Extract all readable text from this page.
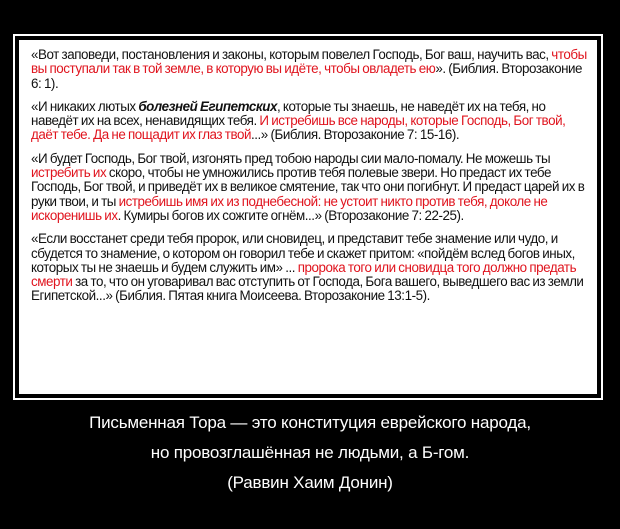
«Вот заповеди, постановления и законы, которым повелел Господь, Бог ваш, научить вас, чтобы вы поступали так в той земле, в которую вы идёте, чтобы овладеть ею». (Библия. Второзаконие 6: 1).

«И никаких лютых болезней Египетских, которые ты знаешь, не наведёт их на тебя, но наведёт их на всех, ненавидящих тебя. И истребишь все народы, которые Господь, Бог твой, даёт тебе. Да не пощадит их глаз твой...» (Библия. Второзаконие 7: 15-16).

«И будет Господь, Бог твой, изгонять пред тобою народы сии мало-помалу. Не можешь ты истребить их скоро, чтобы не умножились против тебя полевые звери. Но предаст их тебе Господь, Бог твой, и приведёт их в великое смятение, так что они погибнут. И предаст царей их в руки твои, и ты истребишь имя их из поднебесной: не устоит никто против тебя, доколе не искоренишь их. Кумиры богов их сожгите огнём...» (Второзаконие 7: 22-25).

«Если восстанет среди тебя пророк, или сновидец, и представит тебе знамение или чудо, и сбудется то знамение, о котором он говорил тебе и скажет притом: «пойдём вслед богов иных, которых ты не знаешь и будем служить им» ... пророка того или сновидца того должно предать смерти за то, что он уговаривал вас отступить от Господа, Бога вашего, выведшего вас из земли Египетской...» (Библия. Пятая книга Моисеева. Второзаконие 13:1-5).

Письменная Тора — это конституция еврейского народа,
но провозглашённая не людьми, а Б-гом.
(Раввин Хаим Донин)
